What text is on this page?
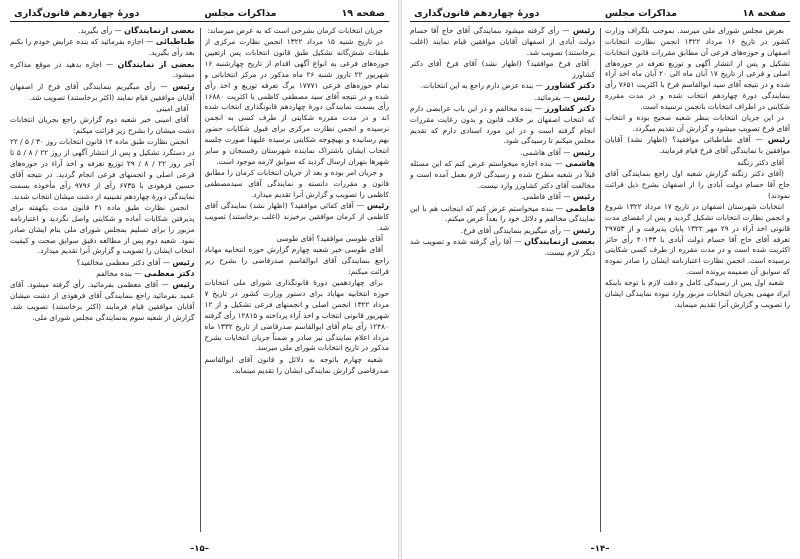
صفحه ۱۹
مذاکرات مجلس
دورهٔ چهاردهم قانون‌گذاری

جریان انتخابات کرمان بشرحی است که به عرض میرساند:

در تاریخ شنبه ۱۵ مرداد ۱۳۲۲ انجمن نظارت مرکزی از طبقات شش‌گانه تشکیل طبق قانون انتخابات پس ازتعیین حوزه‌های فرعی به انواع آگهی اقدام از تاریخ چهارشنبه ۱۶ شهریور ۲۲ تاروز شنبه ۲۶ ماه مذکور در مرکز انتخاباتی و تمام حوزه‌های فرعی ۱۷۷۷۱ برگ تعرفه توزیع و اخذ رأی شده و در نتیجه آقای سید مصطفی کاظمی با اکثریت ۱۶۸۸۰ رأی بسمت نمایندگی دورهٔ چهاردهم قانونگذاری انتخاب شده اند و در مدت مقرره شکایتی از طرف کسی به انجمن نرسیده و انجمن نظارت مرکزی برای قبول شکایات حضور بهم رسانیده و بهیچوجه شکایتی نرسیده علیهذا صورت جلسه انتخاب ایشان باشتراک نماینده شهرستان رفسنجان و سایر شهرها بتهران ارسال گردید که سوابق لازمه موجود است.

و جریان امر بوده و بعد از جریان انتخابات کرمان را مطابق قانون و مقررات دانسته و نمایندگی آقای سیدمصطفی کاظمی را تصویب و گزارش آنرا تقدیم میدارد.

رئیس — آقای کفائی موافقید؟ (اظهار نشد) نمایندگی آقای کاظمی از کرمان موافقین برخیزند (اغلب برخاستند) تصویب شد.

آقای طوسی موافقید؟ آقای طوسی

آقای طوسی خبر شعبه چهارم گزارش حوزه انتخابیه مهاباد راجع بنمایندگی آقای ابوالقاسم صدرقاضی را بشرح زیر قرائت میکنم:

برای چهاردهمین دورهٔ قانونگذاری شورای ملی انتخابات حوزه انتخابیه مهاباد برای دستور وزارت کشور در تاریخ ۷ مرداد ۱۳۲۲ انجمن اصلی و انجمنهای فرعی تشکیل و از ۱۲ شهریور قانونی انتخاب و اخذ آراء پرداخته و ۱۲۸۱۵ رأی گرفته ۱۲۴۸۰ رأی بنام آقای ابوالقاسم صدرقاضی از تاریخ ۱۳۳۲ ماه مرداد اعلام نمایندگی نیز صادر و ضمناً جریان انتخابات بشرح مذکور در تاریخ انتخابات شورای ملی میرسد.

شعبه چهارم باتوجه به دلائل و قانون آقای ابوالقاسم صدرقاضی گزارش نمایندگی ایشان را تقدیم مینماید.

بعضی ازنمایندگان — رأی بگیرید.

طباطبائی — اجازه بفرمائید که بنده عرایض خودم را بکنم بعد رأی بگیرید.

بعضی از نمایندگان — اجازه بدهید در موقع مذاکره میشود.

رئیس — رأی میگیریم بنمایندگی آقای فرخ از اصفهان آقایان موافقین قیام نمایند (اکثر برخاستند) تصویب شد.

آقای امینی

آقای امینی خبر شعبه دوم گزارش راجع بجریان انتخابات دشت میشان را بشرح زیر قرائت میکنم:

انجمن نظارت طبق ماده ۱۴ قانون انتخابات روز ۳۰ / ۵ / ۲۲ در دستگرد تشکیل و پس از انتشار آگهی از روز ۲۲ / ۸ / ۵ تا آخر روز ۲۲ / ۸ / ۲۹ توزیع تعرفه و اخذ آراء در حوزه‌های فرعی اصلی و انجمنهای فرعی انجام گردید. در نتیجه آقای حسین فرهودی با ۶۷۳۵ رأی از ۹۷۹۶ رأی مأخوذه بسمت نمایندگی دورهٔ چهاردهم تقنینیه از دشت میشان انتخاب شدند.

انجمن نظارت طبق ماده ۴۱ قانون مدت یکهفته برای پذیرفتن شکایات آماده و شکایتی واصل نگردید و اعتبارنامه مزبور را برای تسلیم بمجلس شورای ملی بنام ایشان صادر نمود. شعبه دوم پس از مطالعه دقیق سوابق صحت و کیفیت انتخاب ایشان را تصویب و گزارش آنرا تقدیم میدارد.

رئیس — آقای دکتر معظمی مخالفید؟

دکتر معظمی — بنده مخالفم

رئیس — آقای معظمی بفرمائید. رأی گرفته میشود. آقای عمید بفرمائید راجع بنمایندگی آقای فرهودی از دشت میشان آقایان موافقین قیام فرمایند (اکثر برخاستند) تصویب شد. گزارش از شعبه سوم به‌نمایندگی مجلس شورای ملی.

–۱۵–
صفحه ۱۸
مذاکرات مجلس
دورهٔ چهاردهم قانون‌گذاری

بعرض مجلس شورای ملی میرسد. بموجب بلگراف وزارت کشور در تاریخ ۱۶ مرداد ۱۳۲۲ انجمن نظارت انتخابات اصفهان و حوزه‌های فرعی آن مطابق مقررات قانون انتخابات تشکیل و پس از انتشار آگهی و توزیع تعرفه در حوزه‌های اصلی و فرعی از تاریخ ۱۷ آبان ماه الی ۲۰ آبان ماه اخذ آراء شده و در نتیجه آقای سید ابوالقاسم فرخ با اکثریت ۷۶۵۱ رأی بنمایندگی دورهٔ چهاردهم انتخاب شده و در مدت مقرره شکایتی در اطراف انتخابات بانجمن نرسیده است.

در این جریان انتخابات بنظر شعبه صحیح بوده و انتخاب آقای فرخ تصویب میشود و گزارش آن تقدیم میگردد.

رئیس — آقای طباطبائی موافقید؟ (اظهار نشد) آقایان موافقین با نمایندگی آقای فرخ قیام فرمایند.

آقای دکتر زنگنه

(آقای دکتر زنگنه گزارش شعبه اول راجع بنمایندگی آقای حاج آقا حسام دولت آبادی را از اصفهان بشرح ذیل قرائت نمودند)

انتخابات شهرستان اصفهان در تاریخ ۱۷ مرداد ۱۳۲۲ شروع و انجمن نظارت انتخابات تشکیل گردید و پس از انقضای مدت قانونی اخذ آراء در ۲۹ مهر ۱۳۲۲ پایان پذیرفت و از ۲۹۷۵۳ تعرفه آقای حاج آقا حسام دولت آبادی با ۴۰۱۳۳ رأی حائز اکثریت شده است و در مدت مقرره از طرف کسی شکایتی نرسیده است. انجمن نظارت اعتبارنامه ایشان را صادر نموده که سوابق آن ضمیمه پرونده است.

شعبه اول پس از رسیدگی کامل و دقت لازم با توجه باینکه ایراد مهمی بجریان انتخابات مزبور وارد نبوده نمایندگی ایشان را تصویب و گزارش آنرا تقدیم مینماید.

رئیس — رأی گرفته میشود بنمایندگی آقای حاج آقا حسام دولت آبادی از اصفهان آقایان موافقین قیام نمایند (اغلب برخاستند) تصویب شد.

آقای فرخ موافقید؟ (اظهار نشد) آقای فرخ آقای دکتر کشاورز

دکتر کشاورز — بنده عرض دارم راجع به این انتخابات.

رئیس — بفرمائید.

دکتر کشاورز — بنده مخالفم و در این باب عرایضی دارم که انتخاب اصفهان بر خلاف قانون و بدون رعایت مقررات انجام گرفته است و در این مورد اسنادی دارم که تقدیم مجلس میکنم تا رسیدگی شود.

رئیس — آقای هاشمی.

هاشمی — بنده اجازه میخواستم عرض کنم که این مسئله قبلاً در شعبه مطرح شده و رسیدگی لازم بعمل آمده است و مخالفت آقای دکتر کشاورز وارد نیست.

رئیس — آقای فاطمی.

فاطمی — بنده میخواستم عرض کنم که اینجانب هم با این نمایندگی مخالفم و دلائل خود را بعداً عرض میکنم.

رئیس — رأی میگیریم بنمایندگی آقای فرخ.

بعضی ازنمایندگان — آقا رأی گرفته شده و تصویب شد دیگر لازم نیست.

–۱۴–
